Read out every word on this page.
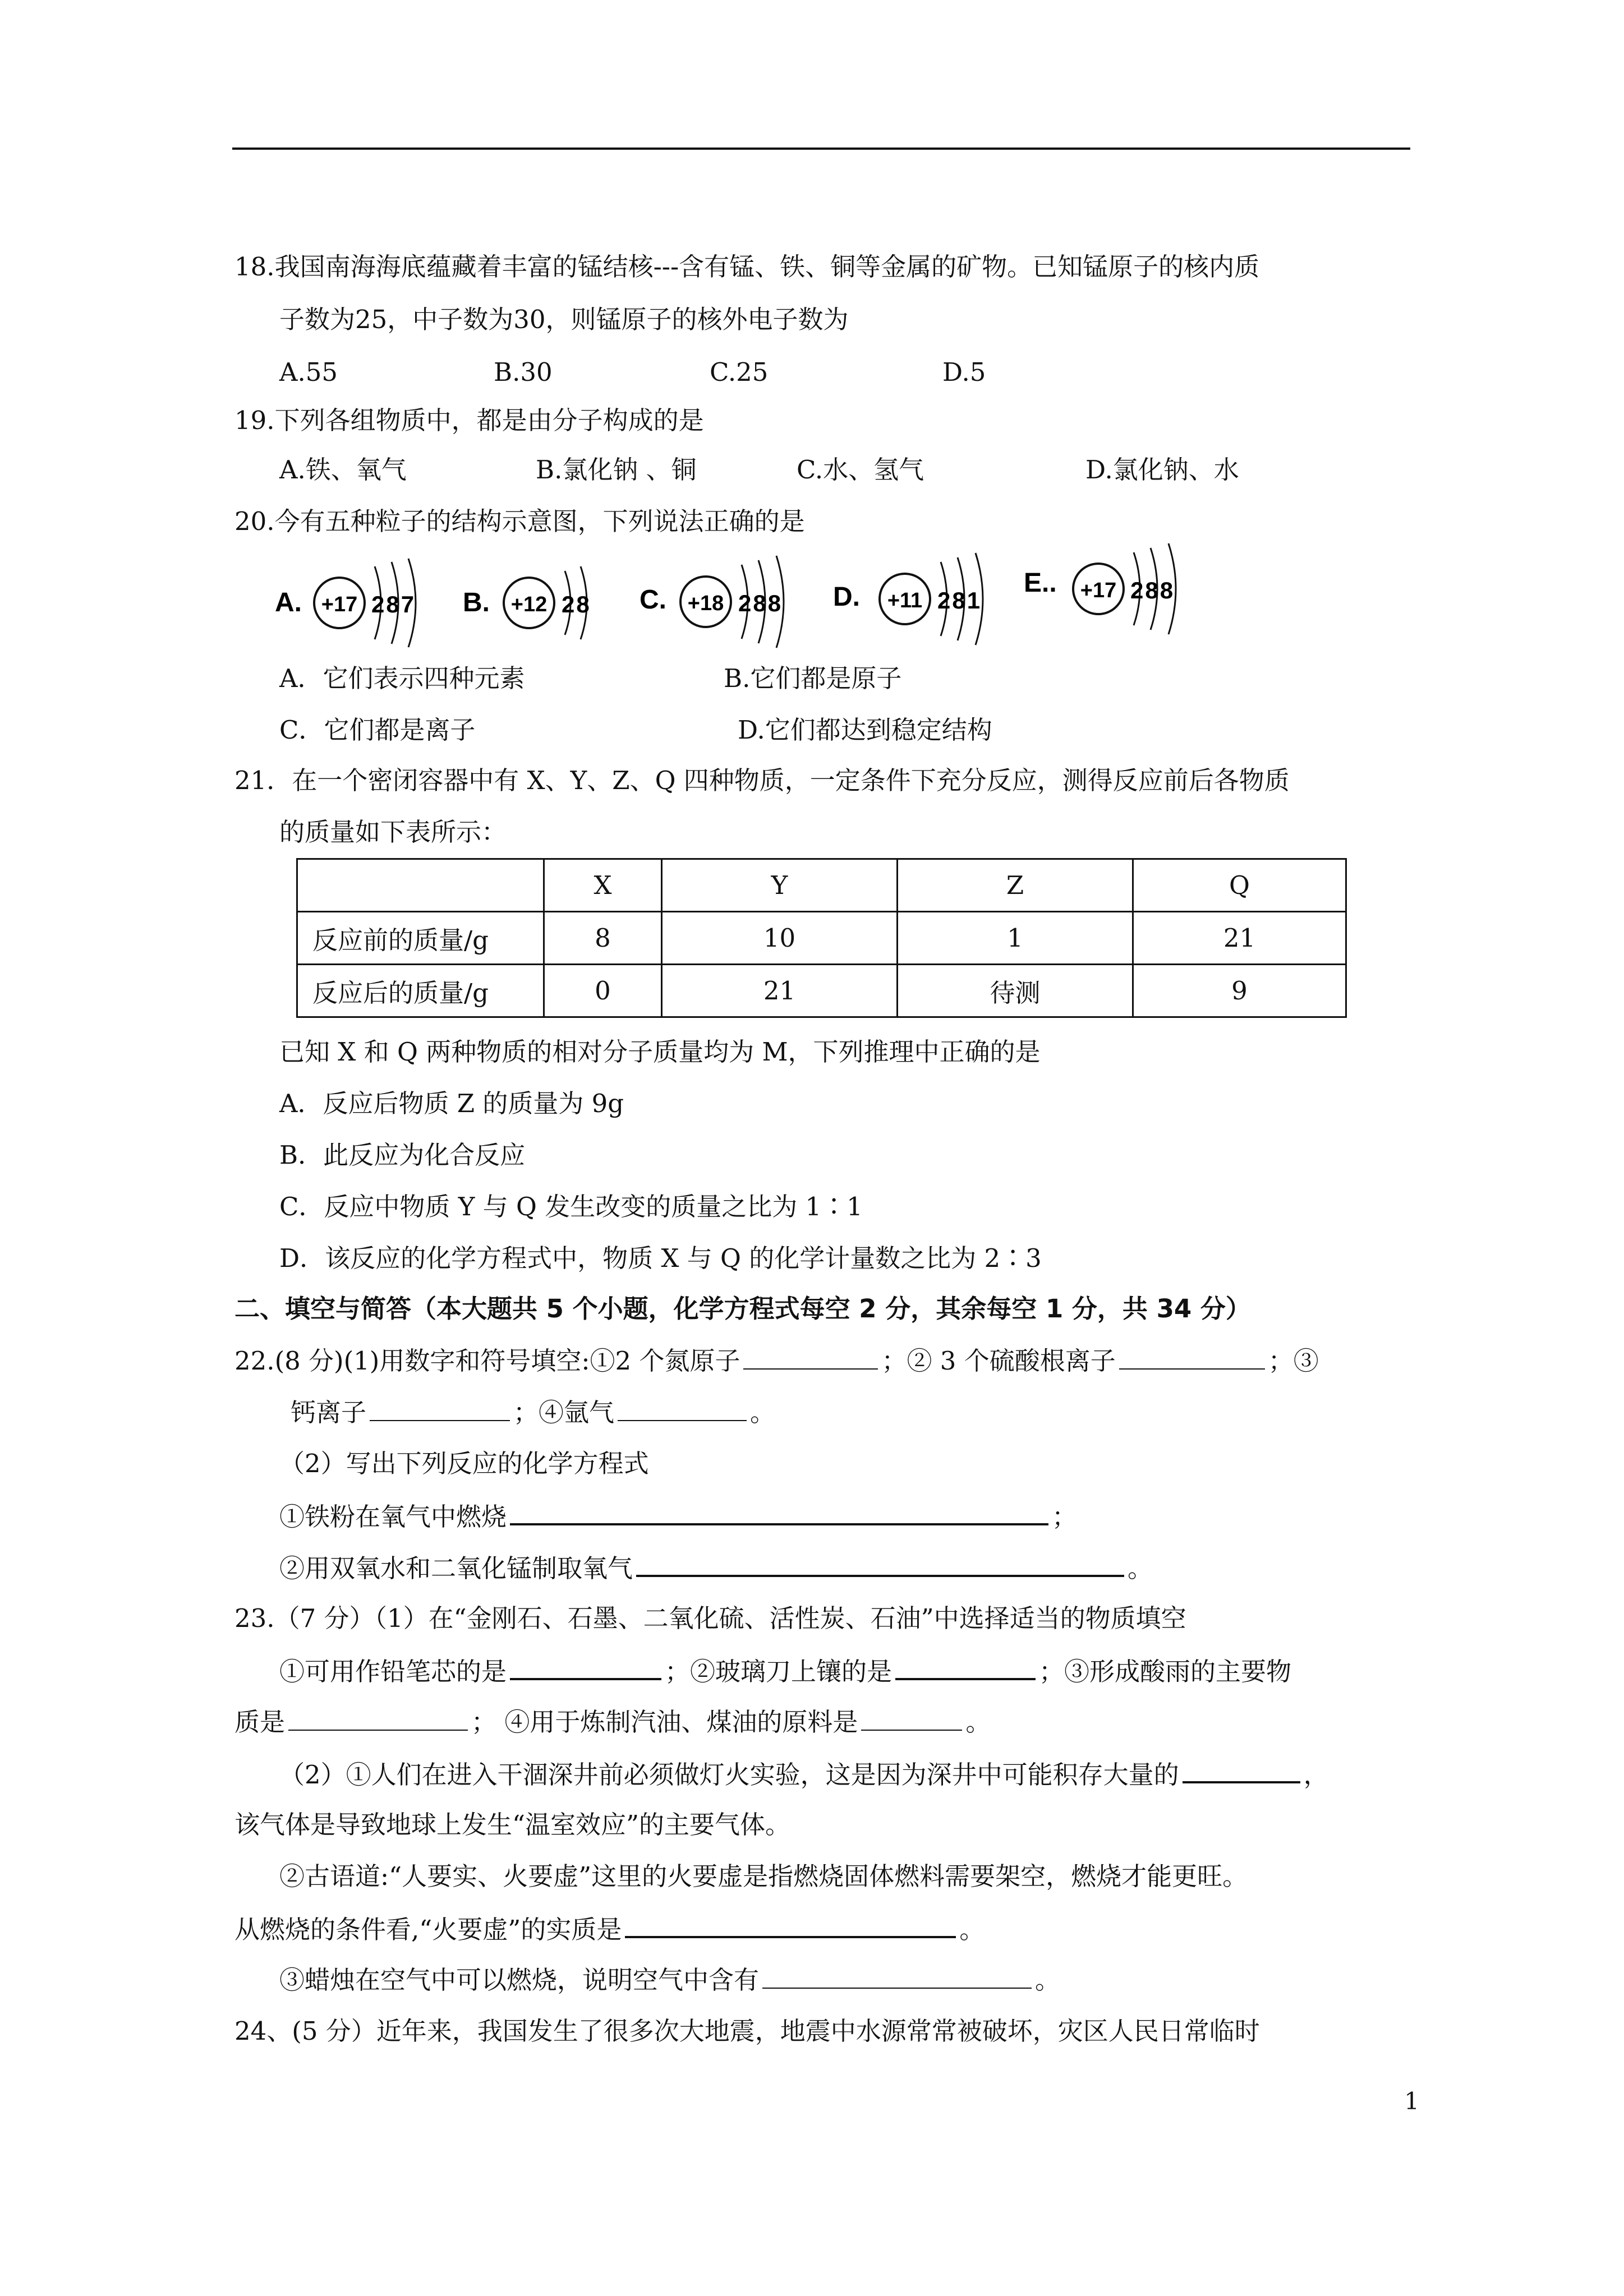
18.我国南海海底蕴藏着丰富的锰结核---含有锰、铁、铜等金属的矿物。已知锰原子的核内质
子数为25，中子数为30，则锰原子的核外电子数为
A.55	B.30	C.25	D.5
19.下列各组物质中，都是由分子构成的是
A.铁、氧气	B.氯化钠 、铜	C.水、氢气	D.氯化钠、水
20.今有五种粒子的结构示意图，下列说法正确的是
A. +17 287 B. +12 28 C. +18 288 D. +11 281
E.. +17 288
A．它们表示四种元素	B.它们都是原子
C．它们都是离子	D.它们都达到稳定结构
21．在一个密闭容器中有 X、Y、Z、Q 四种物质，一定条件下充分反应，测得反应前后各物质
的质量如下表所示：
	X	Y	Z	Q
反应前的质量/g	8	10	1	21
反应后的质量/g	0	21	待测	9
已知 X 和 Q 两种物质的相对分子质量均为 M，下列推理中正确的是
A．反应后物质 Z 的质量为 9g
B．此反应为化合反应
C．反应中物质 Y 与 Q 发生改变的质量之比为 1∶1
D．该反应的化学方程式中，物质 X 与 Q 的化学计量数之比为 2∶3
二、填空与简答（本大题共 5 个小题，化学方程式每空 2 分，其余每空 1 分，共 34 分）
22.(8 分)(1)用数字和符号填空:①2 个氮原子	；② 3 个硫酸根离子	；③
钙离子	；④氩气	。
（2）写出下列反应的化学方程式
①铁粉在氧气中燃烧	；
②用双氧水和二氧化锰制取氧气	。
23.（7 分）（1）在“金刚石、石墨、二氧化硫、活性炭、石油”中选择适当的物质填空
①可用作铅笔芯的是	；②玻璃刀上镶的是	；③形成酸雨的主要物
质是	； ④用于炼制汽油、煤油的原料是	。
（2）①人们在进入干涸深井前必须做灯火实验，这是因为深井中可能积存大量的	，
该气体是导致地球上发生“温室效应”的主要气体。
②古语道:“人要实、火要虚”这里的火要虚是指燃烧固体燃料需要架空，燃烧才能更旺。
从燃烧的条件看,“火要虚”的实质是	。
③蜡烛在空气中可以燃烧，说明空气中含有	。
24、(5 分）近年来，我国发生了很多次大地震，地震中水源常常被破坏，灾区人民日常临时
1
